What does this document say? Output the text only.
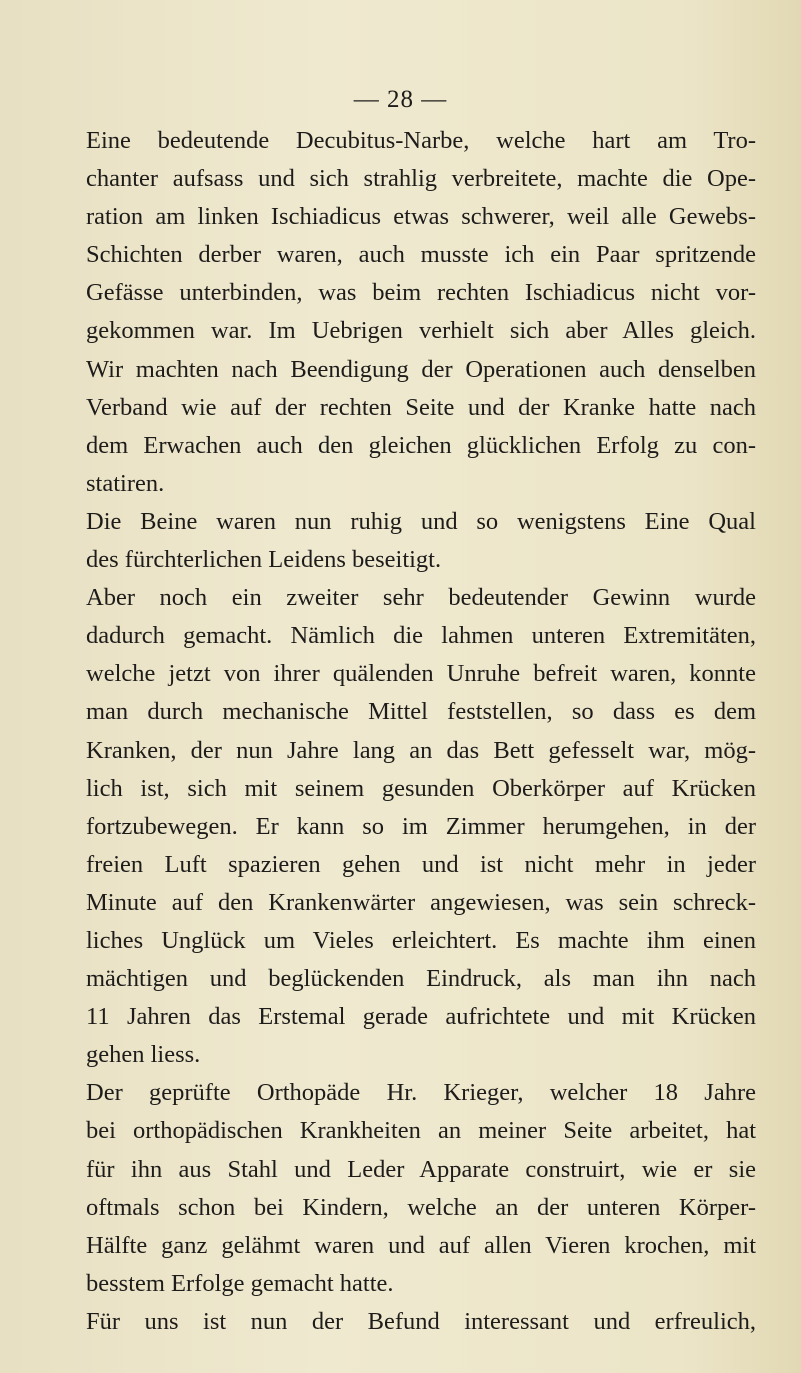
— 28 —

Eine bedeutende Decubitus-Narbe, welche hart am Tro-
chanter aufsass und sich strahlig verbreitete, machte die Ope-
ration am linken Ischiadicus etwas schwerer, weil alle Gewebs-
Schichten derber waren, auch musste ich ein Paar spritzende
Gefässe unterbinden, was beim rechten Ischiadicus nicht vor-
gekommen war. Im Uebrigen verhielt sich aber Alles gleich.
Wir machten nach Beendigung der Operationen auch denselben
Verband wie auf der rechten Seite und der Kranke hatte nach
dem Erwachen auch den gleichen glücklichen Erfolg zu con-
statiren.

Die Beine waren nun ruhig und so wenigstens Eine Qual
des fürchterlichen Leidens beseitigt.

Aber noch ein zweiter sehr bedeutender Gewinn wurde
dadurch gemacht. Nämlich die lahmen unteren Extremitäten,
welche jetzt von ihrer quälenden Unruhe befreit waren, konnte
man durch mechanische Mittel feststellen, so dass es dem
Kranken, der nun Jahre lang an das Bett gefesselt war, mög-
lich ist, sich mit seinem gesunden Oberkörper auf Krücken
fortzubewegen. Er kann so im Zimmer herumgehen, in der
freien Luft spazieren gehen und ist nicht mehr in jeder
Minute auf den Krankenwärter angewiesen, was sein schreck-
liches Unglück um Vieles erleichtert. Es machte ihm einen
mächtigen und beglückenden Eindruck, als man ihn nach
11 Jahren das Erstemal gerade aufrichtete und mit Krücken
gehen liess.

Der geprüfte Orthopäde Hr. Krieger, welcher 18 Jahre
bei orthopädischen Krankheiten an meiner Seite arbeitet, hat
für ihn aus Stahl und Leder Apparate construirt, wie er sie
oftmals schon bei Kindern, welche an der unteren Körper-
Hälfte ganz gelähmt waren und auf allen Vieren krochen, mit
besstem Erfolge gemacht hatte.

Für uns ist nun der Befund interessant und erfreulich,
